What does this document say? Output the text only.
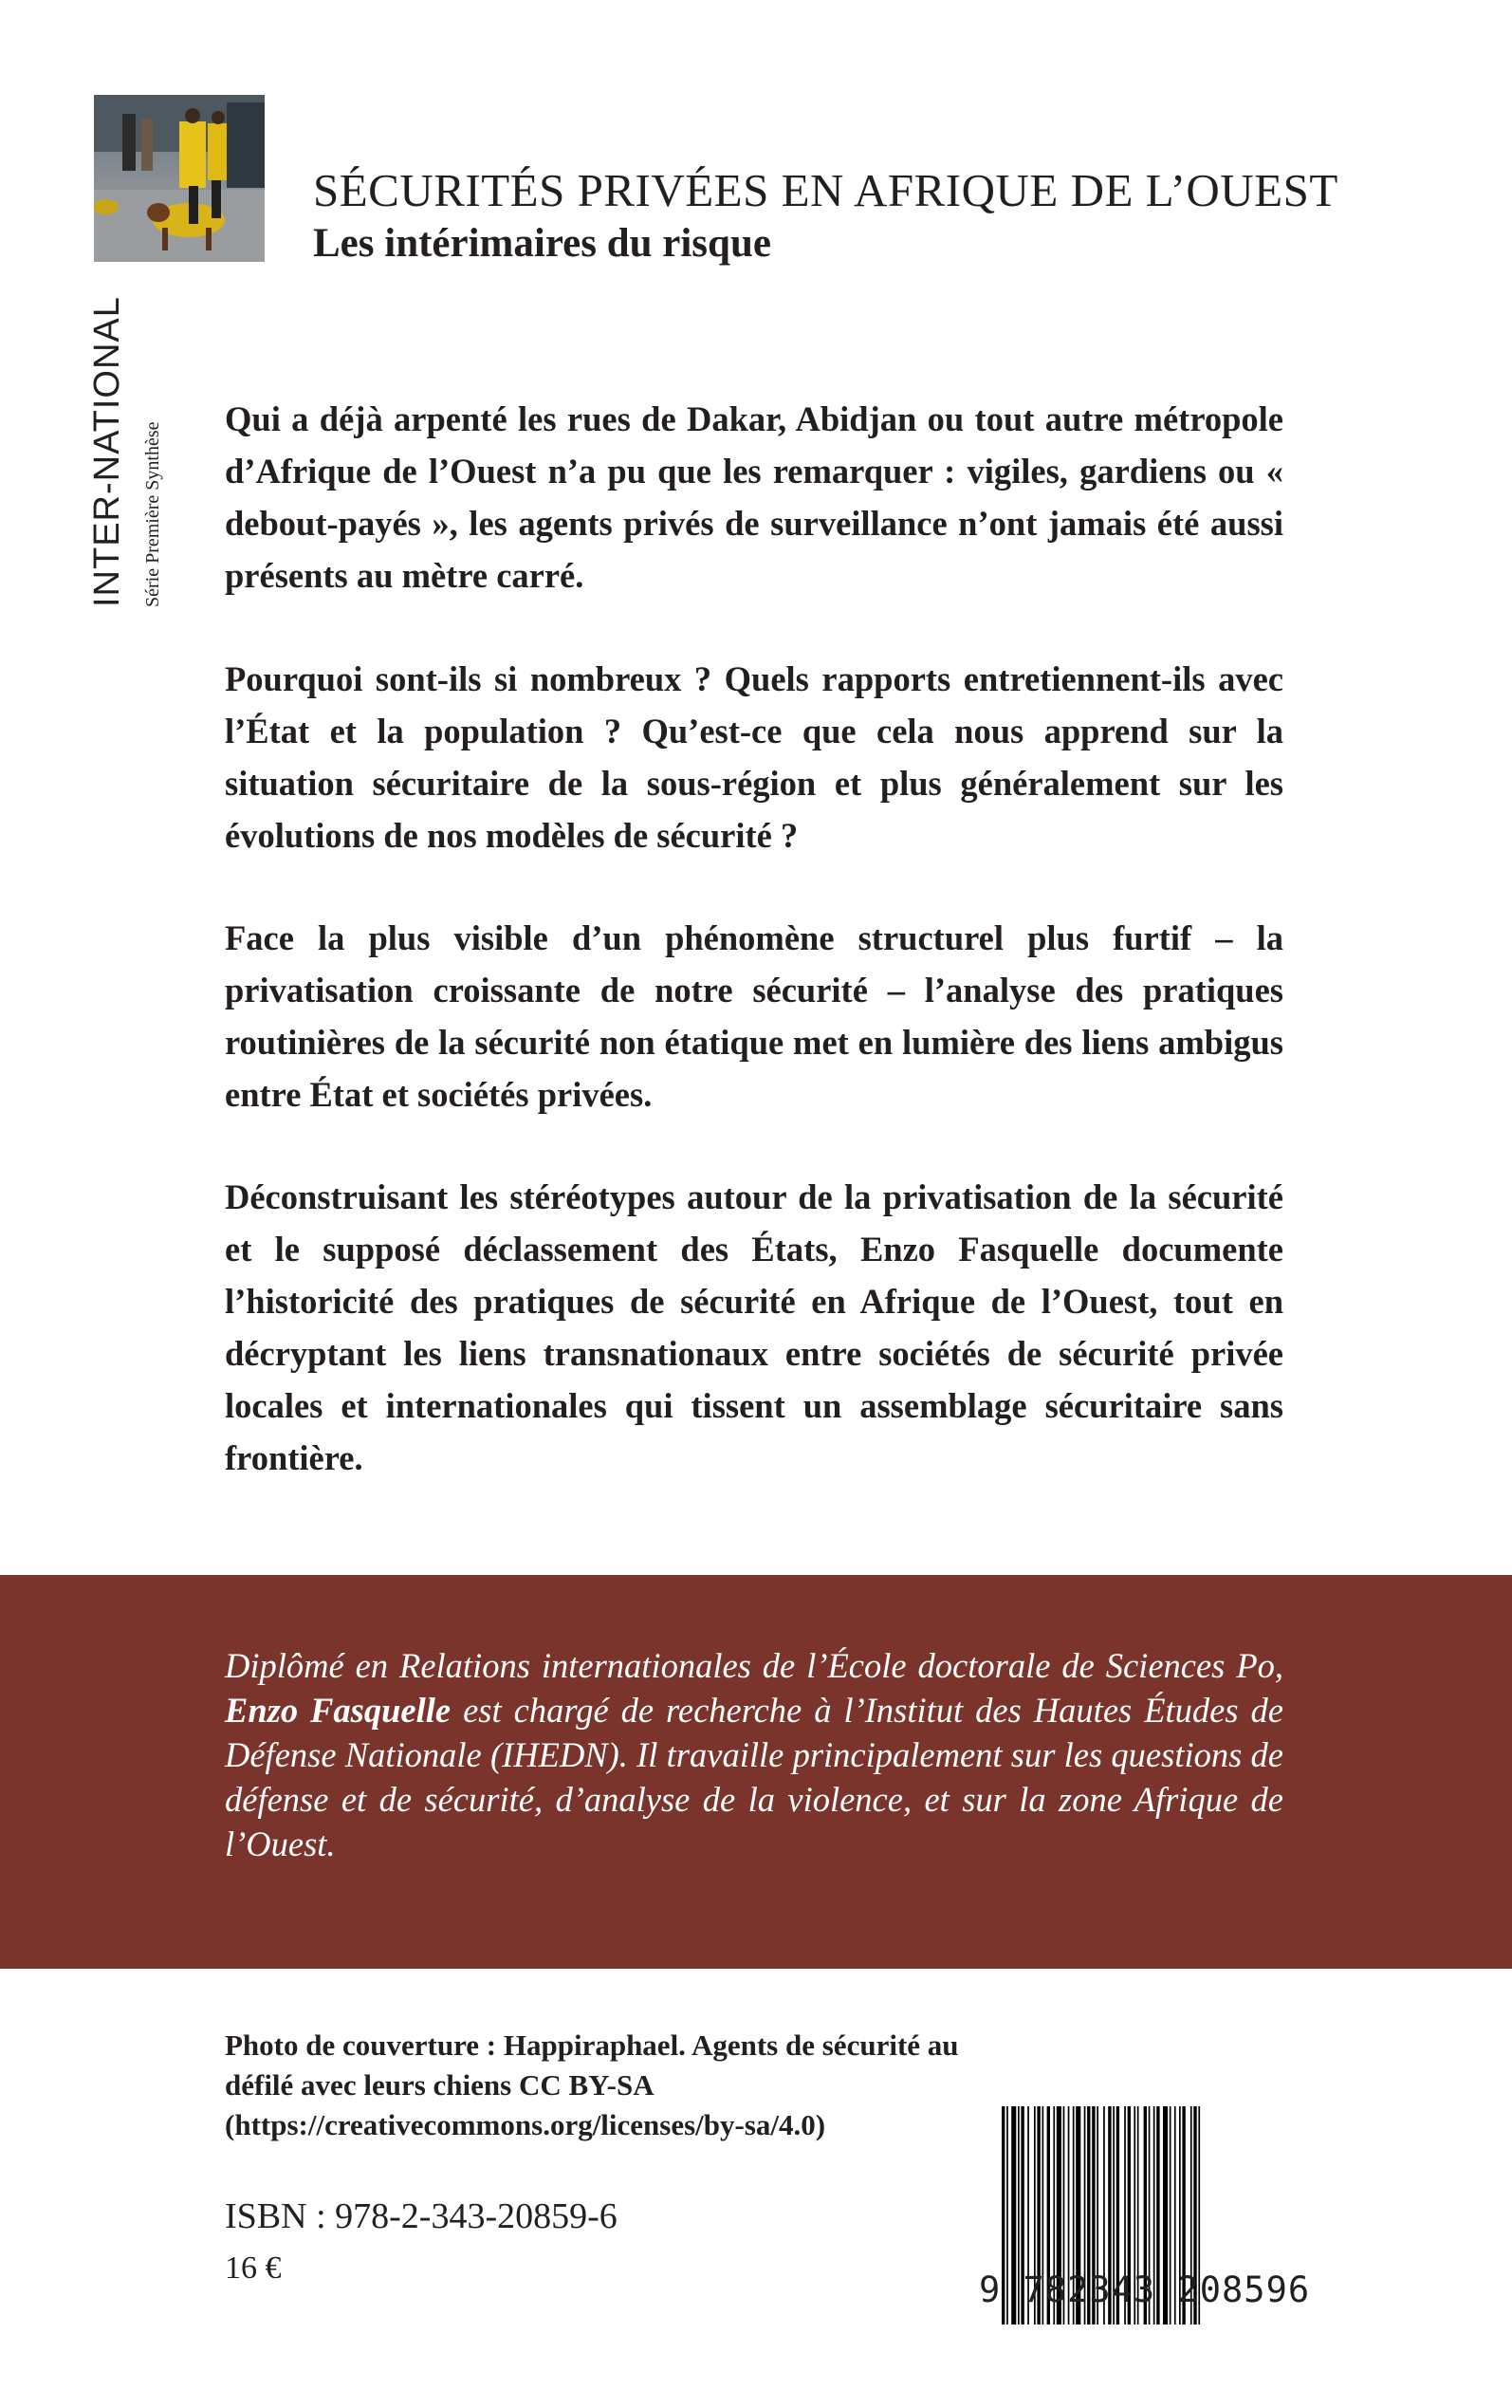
INTER-NATIONAL Série Première Synthèse
SÉCURITÉS PRIVÉES EN AFRIQUE DE L’OUEST
Les intérimaires du risque

Qui a déjà arpenté les rues de Dakar, Abidjan ou tout autre métropole d’Afrique de l’Ouest n’a pu que les remarquer : vigiles, gardiens ou « debout-payés », les agents privés de surveillance n’ont jamais été aussi présents au mètre carré.

Pourquoi sont-ils si nombreux ? Quels rapports entretiennent-ils avec l’État et la population ? Qu’est-ce que cela nous apprend sur la situation sécuritaire de la sous-région et plus généralement sur les évolutions de nos modèles de sécurité ?

Face la plus visible d’un phénomène structurel plus furtif – la privatisation croissante de notre sécurité – l’analyse des pratiques routinières de la sécurité non étatique met en lumière des liens ambigus entre État et sociétés privées.

Déconstruisant les stéréotypes autour de la privatisation de la sécurité et le supposé déclassement des États, Enzo Fasquelle documente l’historicité des pratiques de sécurité en Afrique de l’Ouest, tout en décryptant les liens transnationaux entre sociétés de sécurité privée locales et internationales qui tissent un assemblage sécuritaire sans frontière.

Diplômé en Relations internationales de l’École doctorale de Sciences Po, Enzo Fasquelle est chargé de recherche à l’Institut des Hautes Études de Défense Nationale (IHEDN). Il travaille principalement sur les questions de défense et de sécurité, d’analyse de la violence, et sur la zone Afrique de l’Ouest.
Photo de couverture : Happiraphael. Agents de sécurité au défilé avec leurs chiens CC BY-SA (https://creativecommons.org/licenses/by-sa/4.0)
ISBN : 978-2-343-20859-6
16 €
9 782343 208596
